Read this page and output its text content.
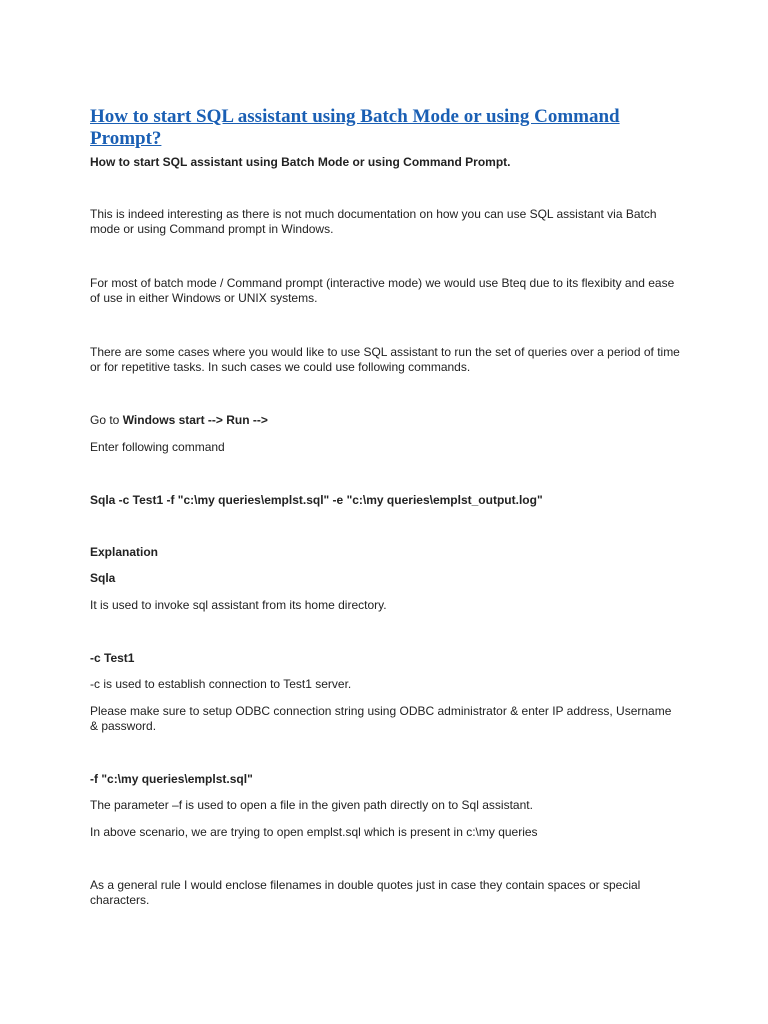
How to start SQL assistant using Batch Mode or using Command Prompt?

How to start SQL assistant using Batch Mode or using Command Prompt.

This is indeed interesting as there is not much documentation on how you can use SQL assistant via Batch mode or using Command prompt in Windows.

For most of batch mode / Command prompt (interactive mode) we would use Bteq due to its flexibity and ease of use in either Windows or UNIX systems.

There are some cases where you would like to use SQL assistant to run the set of queries over a period of time or for repetitive tasks. In such cases we could use following commands.

Go to Windows start --> Run -->

Enter following command

Sqla -c Test1 -f "c:\my queries\emplst.sql" -e "c:\my queries\emplst_output.log"

Explanation

Sqla

It is used to invoke sql assistant from its home directory.

-c Test1

-c is used to establish connection to Test1 server.

Please make sure to setup ODBC connection string using ODBC administrator & enter IP address, Username & password.

-f "c:\my queries\emplst.sql"

The parameter –f is used to open a file in the given path directly on to Sql assistant.

In above scenario, we are trying to open emplst.sql which is present in c:\my queries

As a general rule I would enclose filenames in double quotes just in case they contain spaces or special characters.
